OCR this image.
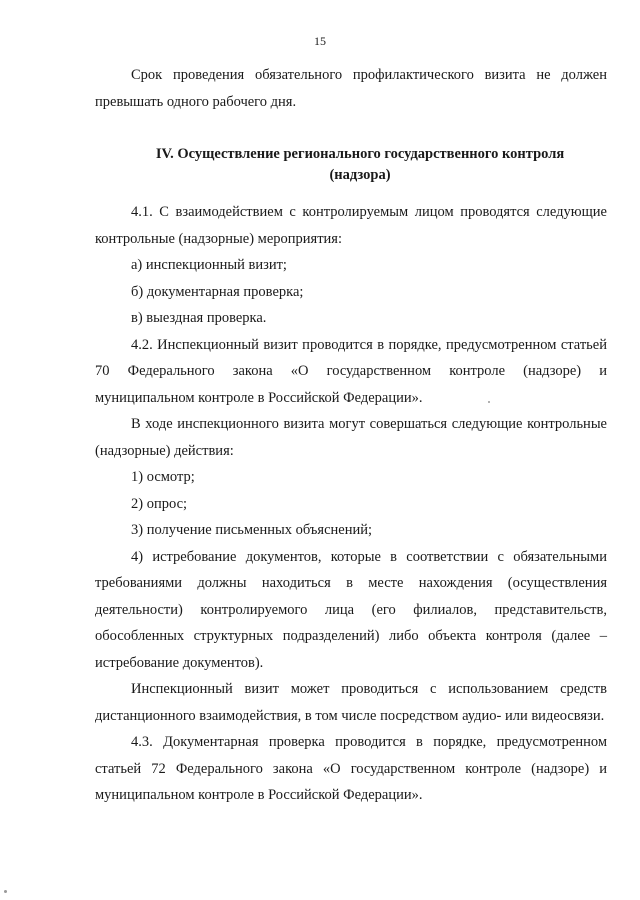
15

Срок проведения обязательного профилактического визита не должен превышать одного рабочего дня.

IV. Осуществление регионального государственного контроля (надзора)

4.1. С взаимодействием с контролируемым лицом проводятся следующие контрольные (надзорные) мероприятия:

а) инспекционный визит;

б) документарная проверка;

в) выездная проверка.

4.2. Инспекционный визит проводится в порядке, предусмотренном статьей 70 Федерального закона «О государственном контроле (надзоре) и муниципальном контроле в Российской Федерации».

В ходе инспекционного визита могут совершаться следующие контрольные (надзорные) действия:

1) осмотр;

2) опрос;

3) получение письменных объяснений;

4) истребование документов, которые в соответствии с обязательными требованиями должны находиться в месте нахождения (осуществления деятельности) контролируемого лица (его филиалов, представительств, обособленных структурных подразделений) либо объекта контроля (далее – истребование документов).

Инспекционный визит может проводиться с использованием средств дистанционного взаимодействия, в том числе посредством аудио- или видеосвязи.

4.3. Документарная проверка проводится в порядке, предусмотренном статьей 72 Федерального закона «О государственном контроле (надзоре) и муниципальном контроле в Российской Федерации».
